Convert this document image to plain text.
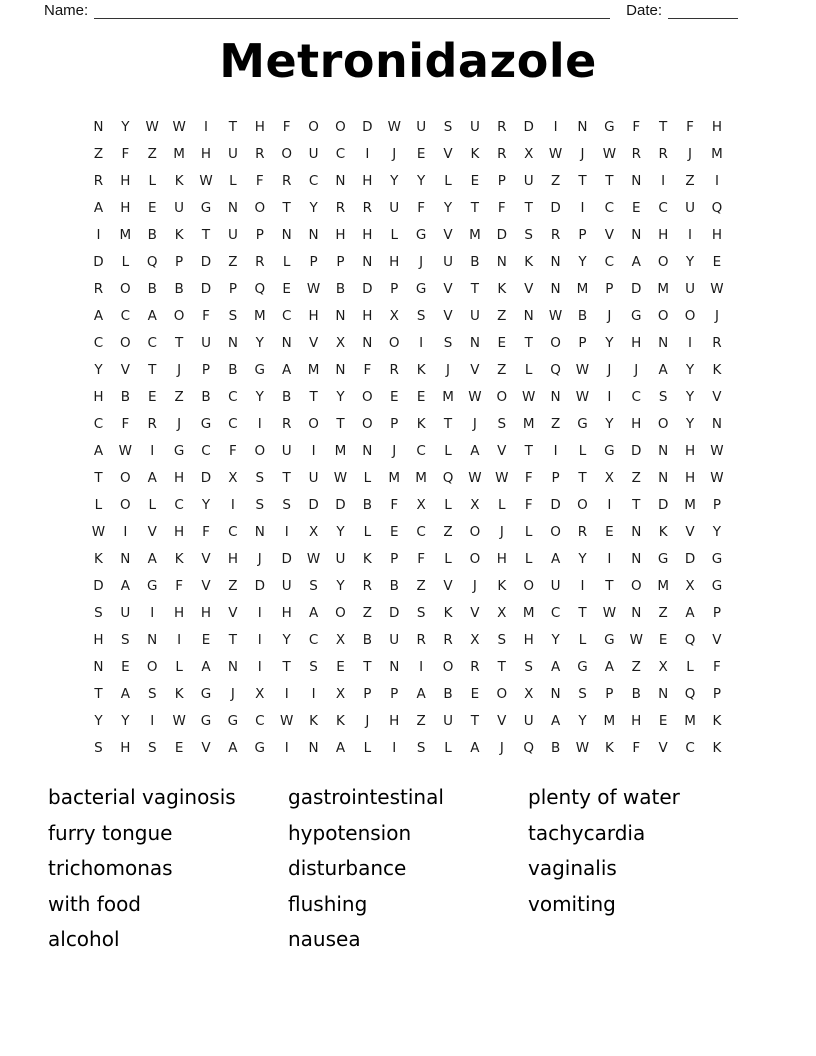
Name:	Date:
Metronidazole
N	Y	W	W	I	T	H	F	O	O	D	W	U	S	U	R	D	I	N	G	F	T	F	H
Z	F	Z	M	H	U	R	O	U	C	I	J	E	V	K	R	X	W	J	W	R	R	J	M
R	H	L	K	W	L	F	R	C	N	H	Y	Y	L	E	P	U	Z	T	T	N	I	Z	I
A	H	E	U	G	N	O	T	Y	R	R	U	F	Y	T	F	T	D	I	C	E	C	U	Q
I	M	B	K	T	U	P	N	N	H	H	L	G	V	M	D	S	R	P	V	N	H	I	H
D	L	Q	P	D	Z	R	L	P	P	N	H	J	U	B	N	K	N	Y	C	A	O	Y	E
R	O	B	B	D	P	Q	E	W	B	D	P	G	V	T	K	V	N	M	P	D	M	U	W
A	C	A	O	F	S	M	C	H	N	H	X	S	V	U	Z	N	W	B	J	G	O	O	J
C	O	C	T	U	N	Y	N	V	X	N	O	I	S	N	E	T	O	P	Y	H	N	I	R
Y	V	T	J	P	B	G	A	M	N	F	R	K	J	V	Z	L	Q	W	J	J	A	Y	K
H	B	E	Z	B	C	Y	B	T	Y	O	E	E	M	W	O	W	N	W	I	C	S	Y	V
C	F	R	J	G	C	I	R	O	T	O	P	K	T	J	S	M	Z	G	Y	H	O	Y	N
A	W	I	G	C	F	O	U	I	M	N	J	C	L	A	V	T	I	L	G	D	N	H	W
T	O	A	H	D	X	S	T	U	W	L	M	M	Q	W	W	F	P	T	X	Z	N	H	W
L	O	L	C	Y	I	S	S	D	D	B	F	X	L	X	L	F	D	O	I	T	D	M	P
W	I	V	H	F	C	N	I	X	Y	L	E	C	Z	O	J	L	O	R	E	N	K	V	Y
K	N	A	K	V	H	J	D	W	U	K	P	F	L	O	H	L	A	Y	I	N	G	D	G
D	A	G	F	V	Z	D	U	S	Y	R	B	Z	V	J	K	O	U	I	T	O	M	X	G
S	U	I	H	H	V	I	H	A	O	Z	D	S	K	V	X	M	C	T	W	N	Z	A	P
H	S	N	I	E	T	I	Y	C	X	B	U	R	R	X	S	H	Y	L	G	W	E	Q	V
N	E	O	L	A	N	I	T	S	E	T	N	I	O	R	T	S	A	G	A	Z	X	L	F
T	A	S	K	G	J	X	I	I	X	P	P	A	B	E	O	X	N	S	P	B	N	Q	P
Y	Y	I	W	G	G	C	W	K	K	J	H	Z	U	T	V	U	A	Y	M	H	E	M	K
S	H	S	E	V	A	G	I	N	A	L	I	S	L	A	J	Q	B	W	K	F	V	C	K
bacterial vaginosis
furry tongue
trichomonas
with food
alcohol
gastrointestinal
hypotension
disturbance
flushing
nausea
plenty of water
tachycardia
vaginalis
vomiting
